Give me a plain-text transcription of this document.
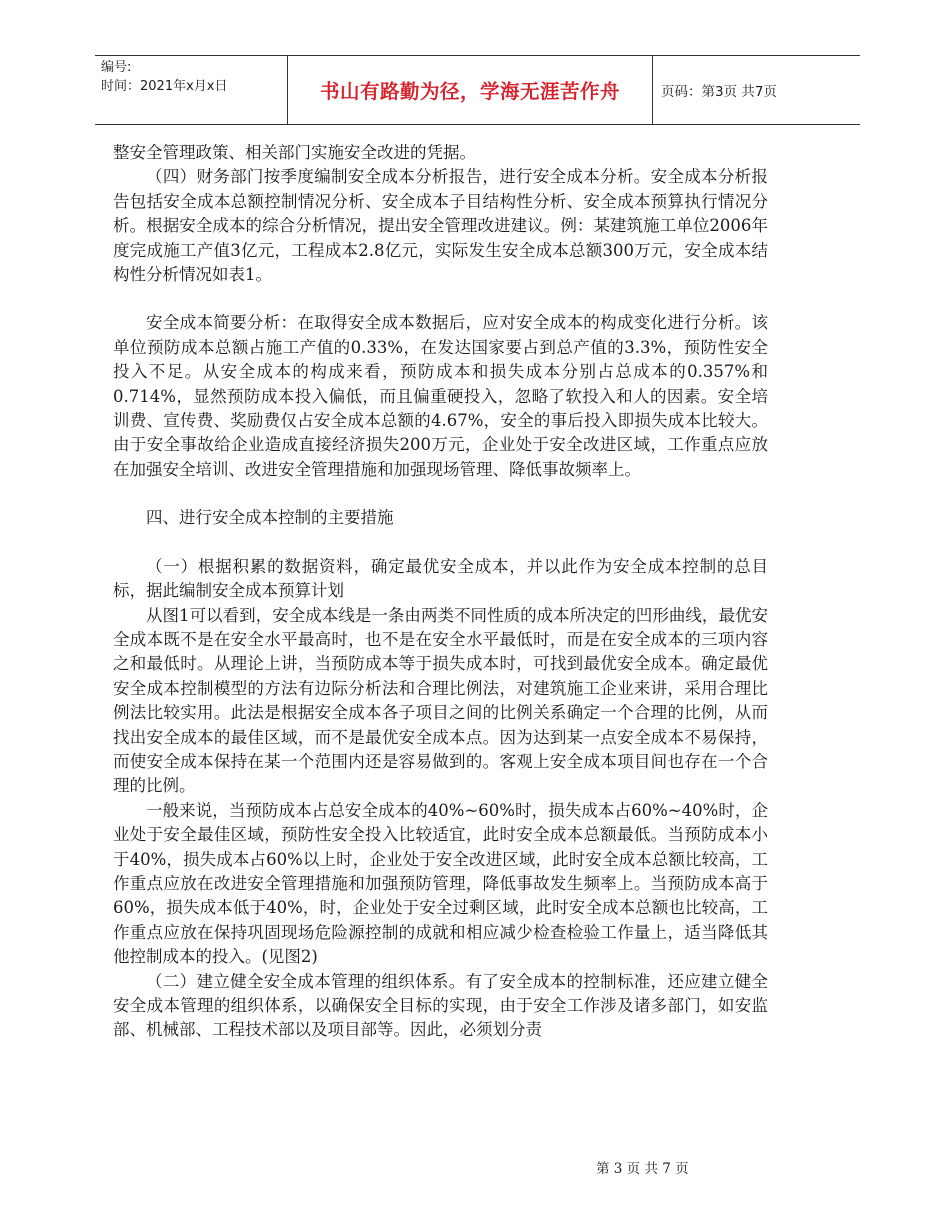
编号:
时间：2021年x月x日	书山有路勤为径，学海无涯苦作舟	页码：第3页 共7页

整安全管理政策、相关部门实施安全改进的凭据。

（四）财务部门按季度编制安全成本分析报告，进行安全成本分析。安全成本分析报告包括安全成本总额控制情况分析、安全成本子目结构性分析、安全成本预算执行情况分析。根据安全成本的综合分析情况，提出安全管理改进建议。例：某建筑施工单位2006年度完成施工产值3亿元，工程成本2.8亿元，实际发生安全成本总额300万元，安全成本结构性分析情况如表1。

安全成本简要分析：在取得安全成本数据后，应对安全成本的构成变化进行分析。该单位预防成本总额占施工产值的0.33%，在发达国家要占到总产值的3.3%，预防性安全投入不足。从安全成本的构成来看，预防成本和损失成本分别占总成本的0.357%和0.714%，显然预防成本投入偏低，而且偏重硬投入，忽略了软投入和人的因素。安全培训费、宣传费、奖励费仅占安全成本总额的4.67%，安全的事后投入即损失成本比较大。由于安全事故给企业造成直接经济损失200万元，企业处于安全改进区域，工作重点应放在加强安全培训、改进安全管理措施和加强现场管理、降低事故频率上。

四、进行安全成本控制的主要措施

（一）根据积累的数据资料，确定最优安全成本，并以此作为安全成本控制的总目标，据此编制安全成本预算计划

从图1可以看到，安全成本线是一条由两类不同性质的成本所决定的凹形曲线，最优安全成本既不是在安全水平最高时，也不是在安全水平最低时，而是在安全成本的三项内容之和最低时。从理论上讲，当预防成本等于损失成本时，可找到最优安全成本。确定最优安全成本控制模型的方法有边际分析法和合理比例法，对建筑施工企业来讲，采用合理比例法比较实用。此法是根据安全成本各子项目之间的比例关系确定一个合理的比例，从而找出安全成本的最佳区域，而不是最优安全成本点。因为达到某一点安全成本不易保持，而使安全成本保持在某一个范围内还是容易做到的。客观上安全成本项目间也存在一个合理的比例。

一般来说，当预防成本占总安全成本的40%~60%时，损失成本占60%~40%时，企业处于安全最佳区域，预防性安全投入比较适宜，此时安全成本总额最低。当预防成本小于40%，损失成本占60%以上时，企业处于安全改进区域，此时安全成本总额比较高，工作重点应放在改进安全管理措施和加强预防管理，降低事故发生频率上。当预防成本高于60%，损失成本低于40%，时，企业处于安全过剩区域，此时安全成本总额也比较高，工作重点应放在保持巩固现场危险源控制的成就和相应减少检查检验工作量上，适当降低其他控制成本的投入。(见图2)

（二）建立健全安全成本管理的组织体系。有了安全成本的控制标准，还应建立健全安全成本管理的组织体系，以确保安全目标的实现，由于安全工作涉及诸多部门，如安监部、机械部、工程技术部以及项目部等。因此，必须划分责

第 3 页 共 7 页
